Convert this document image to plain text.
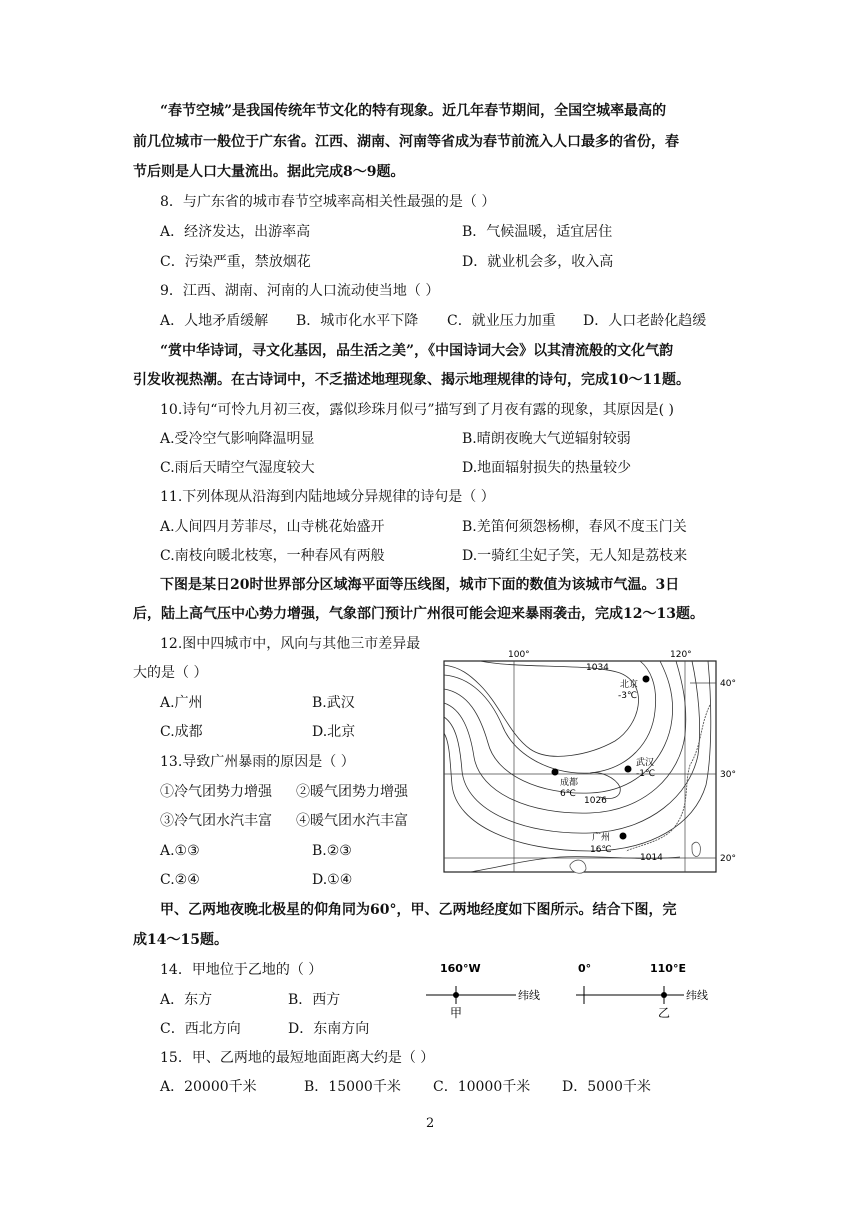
“春节空城”是我国传统年节文化的特有现象。近几年春节期间，全国空城率最高的
前几位城市一般位于广东省。江西、湖南、河南等省成为春节前流入人口最多的省份，春
节后则是人口大量流出。据此完成8～9题。
8．与广东省的城市春节空城率高相关性最强的是（ ）
A．经济发达，出游率高	B．气候温暖，适宜居住
C．污染严重，禁放烟花	D．就业机会多，收入高
9．江西、湖南、河南的人口流动使当地（ ）
A．人地矛盾缓解 B．城市化水平下降 C．就业压力加重 D．人口老龄化趋缓
“赏中华诗词，寻文化基因，品生活之美”，《中国诗词大会》以其清流般的文化气韵
引发收视热潮。在古诗词中，不乏描述地理现象、揭示地理规律的诗句，完成10～11题。
10.诗句“可怜九月初三夜，露似珍珠月似弓”描写到了月夜有露的现象，其原因是( )
A.受冷空气影响降温明显	B.晴朗夜晚大气逆辐射较弱
C.雨后天晴空气湿度较大	D.地面辐射损失的热量较少
11.下列体现从沿海到内陆地域分异规律的诗句是（ ）
A.人间四月芳菲尽，山寺桃花始盛开	B.羌笛何须怨杨柳，春风不度玉门关
C.南枝向暖北枝寒，一种春风有两般	D.一骑红尘妃子笑，无人知是荔枝来
下图是某日20时世界部分区域海平面等压线图，城市下面的数值为该城市气温。3日
后，陆上高气压中心势力增强，气象部门预计广州很可能会迎来暴雨袭击，完成12～13题。
12.图中四城市中，风向与其他三市差异最
大的是（ ）
A.广州	B.武汉
C.成都	D.北京
13.导致广州暴雨的原因是（ ）
①冷气团势力增强 ②暖气团势力增强
③冷气团水汽丰富 ④暖气团水汽丰富
A.①③	B.②③
C.②④	D.①④
100°	120°
40°
30°
20°
1034
1026
1014
北京
-3℃
武汉
-1℃
成都
6℃
广州
16℃
甲、乙两地夜晚北极星的仰角同为60°，甲、乙两地经度如下图所示。结合下图，完
成14～15题。
14．甲地位于乙地的（ ）
A．东方	B．西方
C．西北方向	D．东南方向
160°W	0°	110°E
纬线	纬线
甲	乙
15．甲、乙两地的最短地面距离大约是（ ）
A．20000千米	B．15000千米 C．10000千米 D．5000千米
2
